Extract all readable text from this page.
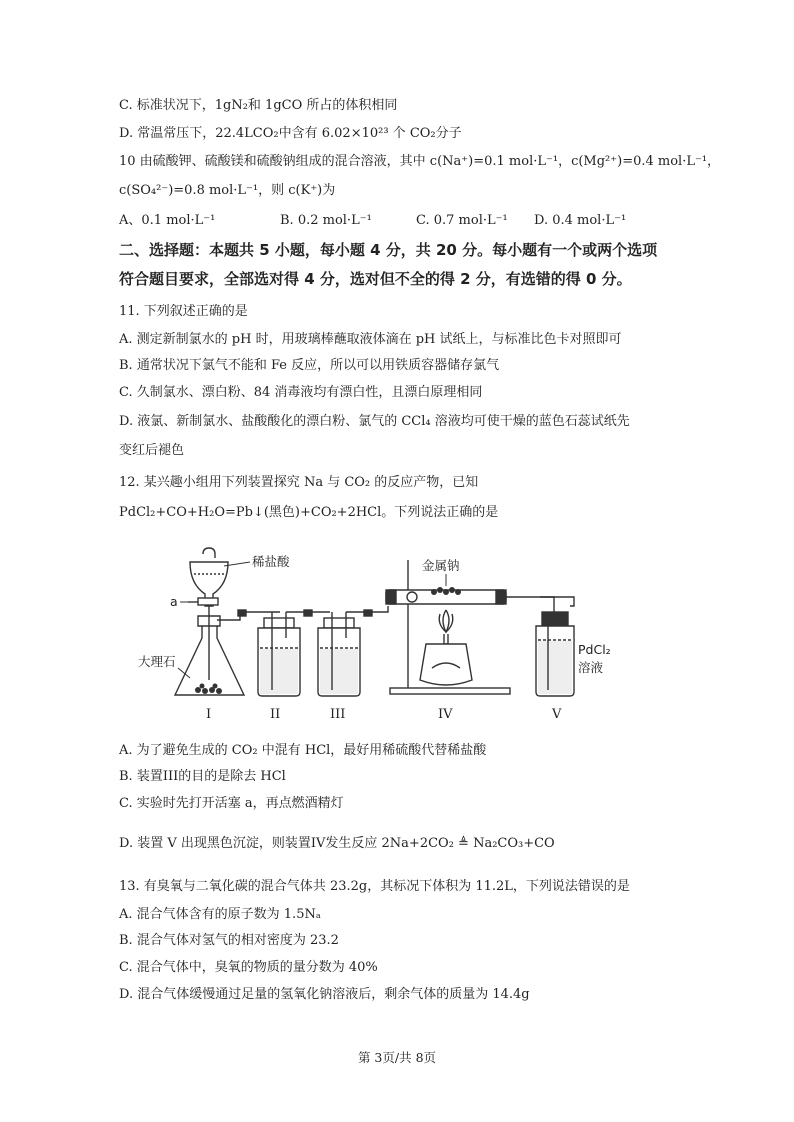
C. 标准状况下，1gN₂和 1gCO 所占的体积相同
D. 常温常压下，22.4LCO₂中含有 6.02×10²³ 个 CO₂分子
10 由硫酸钾、硫酸镁和硫酸钠组成的混合溶液，其中 c(Na⁺)=0.1 mol·L⁻¹，c(Mg²⁺)=0.4 mol·L⁻¹，
c(SO₄²⁻)=0.8 mol·L⁻¹，则 c(K⁺)为
A、0.1 mol·L⁻¹	B. 0.2 mol·L⁻¹	C. 0.7 mol·L⁻¹ D. 0.4 mol·L⁻¹
二、选择题：本题共 5 小题，每小题 4 分，共 20 分。每小题有一个或两个选项
符合题目要求，全部选对得 4 分，选对但不全的得 2 分，有选错的得 0 分。
11. 下列叙述正确的是
A. 测定新制氯水的 pH 时，用玻璃棒蘸取液体滴在 pH 试纸上，与标准比色卡对照即可
B. 通常状况下氯气不能和 Fe 反应，所以可以用铁质容器储存氯气
C. 久制氯水、漂白粉、84 消毒液均有漂白性，且漂白原理相同
D. 液氯、新制氯水、盐酸酸化的漂白粉、氯气的 CCl₄ 溶液均可使干燥的蓝色石蕊试纸先
变红后褪色
12. 某兴趣小组用下列装置探究 Na 与 CO₂ 的反应产物，已知
PdCl₂+CO+H₂O=Pb↓(黑色)+CO₂+2HCl。下列说法正确的是
稀盐酸
a
大理石
金属钠
PdCl₂
溶液
I	II	III	IV	V
A. 为了避免生成的 CO₂ 中混有 HCl，最好用稀硫酸代替稀盐酸
B. 装置III的目的是除去 HCl
C. 实验时先打开活塞 a，再点燃酒精灯
D. 装置 V 出现黑色沉淀，则装置IV发生反应 2Na+2CO₂ ≜ Na₂CO₃+CO
13. 有臭氧与二氧化碳的混合气体共 23.2g，其标况下体积为 11.2L，下列说法错误的是
A. 混合气体含有的原子数为 1.5Nₐ
B. 混合气体对氢气的相对密度为 23.2
C. 混合气体中，臭氧的物质的量分数为 40%
D. 混合气体缓慢通过足量的氢氧化钠溶液后，剩余气体的质量为 14.4g
第 3页/共 8页
